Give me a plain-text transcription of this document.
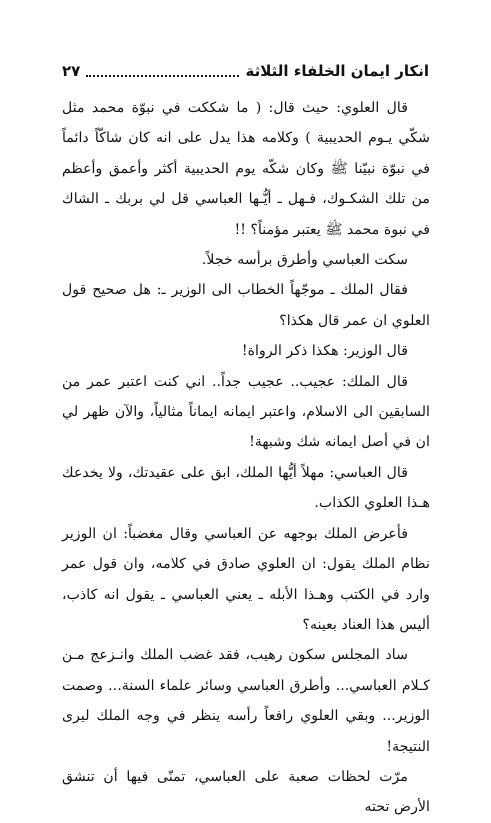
انكار ايمان الخلفاء الثلاثة
٢٧

قال العلوي: حيث قال: ( ما شككت في نبوّة محمد مثل شكّي يـوم الحديبية ) وكلامه هذا يدل على انه كان شاكّاً دائماً في نبوّة نبيّنا ﷺ وكان شكّه يوم الحديبية أكثر وأعمق وأعظم من تلك الشكـوك، فـهل ـ أيُّـها العباسي قل لي بربك ـ الشاك في نبوة محمد ﷺ يعتبر مؤمناً؟ !!

سكت العباسي وأطرق برأسه خجلاً.

فقال الملك ـ موجّهاً الخطاب الى الوزير ـ: هل صحيح قول العلوي ان عمر قال هكذا؟

قال الوزير: هكذا ذكر الرواة!

قال الملك: عجيب.. عجيب جداً.. اني كنت اعتبر عمر من السابقين الى الاسلام، واعتبر ايمانه ايماناً مثالياً، والآن ظهر لي ان في أصل ايمانه شك وشبهة!

قال العباسي: مهلاً أيُّها الملك، ابق على عقيدتك، ولا يخدعك هـذا العلوي الكذاب.

فأعرض الملك بوجهه عن العباسي وقال مغضباً: ان الوزير نظام الملك يقول: ان العلوي صادق في كلامه، وان قول عمر وارد في الكتب وهـذا الأبله ـ يعني العباسي ـ يقول انه كاذب، أليس هذا العناد بعينه؟

ساد المجلس سكون رهيب، فقد غضب الملك وانـزعج مـن كـلام العباسي... وأطرق العباسي وسائر علماء السنة... وصمت الوزير... وبقي العلوي رافعاً رأسه ينظر في وجه الملك ليرى النتيجة!

مرّت لحظات صعبة على العباسي، تمنّى فيها أن تنشق الأرض تحته
